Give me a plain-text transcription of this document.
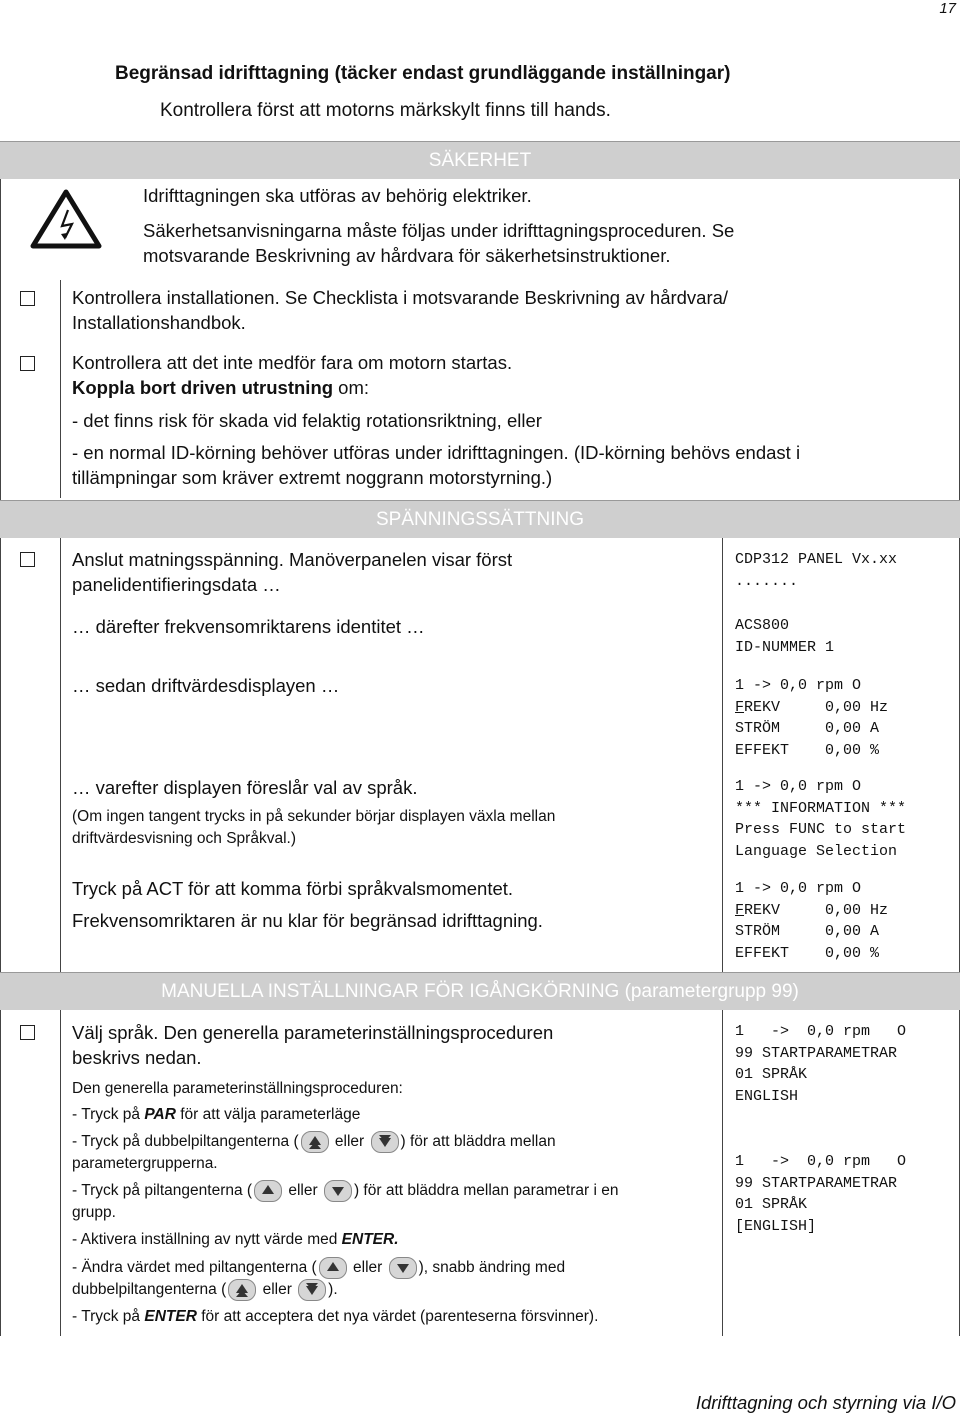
17
Begränsad idrifttagning (täcker endast grundläggande inställningar)
Kontrollera först att motorns märkskylt finns till hands.
SÄKERHET
Idrifttagningen ska utföras av behörig elektriker.
Säkerhetsanvisningarna måste följas under idrifttagningsproceduren. Se
motsvarande Beskrivning av hårdvara för säkerhetsinstruktioner.
Kontrollera installationen. Se Checklista i motsvarande Beskrivning av hårdvara/
Installationshandbok.
Kontrollera att det inte medför fara om motorn startas.
Koppla bort driven utrustning om:
- det finns risk för skada vid felaktig rotationsriktning, eller
- en normal ID-körning behöver utföras under idrifttagningen. (ID-körning behövs endast i
tillämpningar som kräver extremt noggrann motorstyrning.)
SPÄNNINGSSÄTTNING
Anslut matningsspänning. Manöverpanelen visar först
panelidentifieringsdata …
… därefter frekvensomriktarens identitet …
… sedan driftvärdesdisplayen …
… varefter displayen föreslår val av språk.
(Om ingen tangent trycks in på sekunder börjar displayen växla mellan
driftvärdesvisning och Språkval.)
Tryck på ACT för att komma förbi språkvalsmomentet.
Frekvensomriktaren är nu klar för begränsad idrifttagning.
CDP312 PANEL Vx.xx
.......
ACS800
ID-NUMMER 1
1 -> 0,0 rpm O
FREKV     0,00 Hz
STRÖM     0,00 A
EFFEKT    0,00 %
1 -> 0,0 rpm O
*** INFORMATION ***
Press FUNC to start
Language Selection
1 -> 0,0 rpm O
FREKV     0,00 Hz
STRÖM     0,00 A
EFFEKT    0,00 %
MANUELLA INSTÄLLNINGAR FÖR IGÅNGKÖRNING (parametergrupp 99)
Välj språk. Den generella parameterinställningsproceduren
beskrivs nedan.
Den generella parameterinställningsproceduren:
- Tryck på PAR för att välja parameterläge
- Tryck på dubbelpiltangenterna ( eller ) för att bläddra mellan
parametergrupperna.
- Tryck på piltangenterna ( eller ) för att bläddra mellan parametrar i en
grupp.
- Aktivera inställning av nytt värde med ENTER.
- Ändra värdet med piltangenterna ( eller ), snabb ändring med
dubbelpiltangenterna ( eller ).
- Tryck på ENTER för att acceptera det nya värdet (parenteserna försvinner).
1   ->  0,0 rpm   O
99 STARTPARAMETRAR
01 SPRÅK
ENGLISH
1   ->  0,0 rpm   O
99 STARTPARAMETRAR
01 SPRÅK
[ENGLISH]
Idrifttagning och styrning via I/O
